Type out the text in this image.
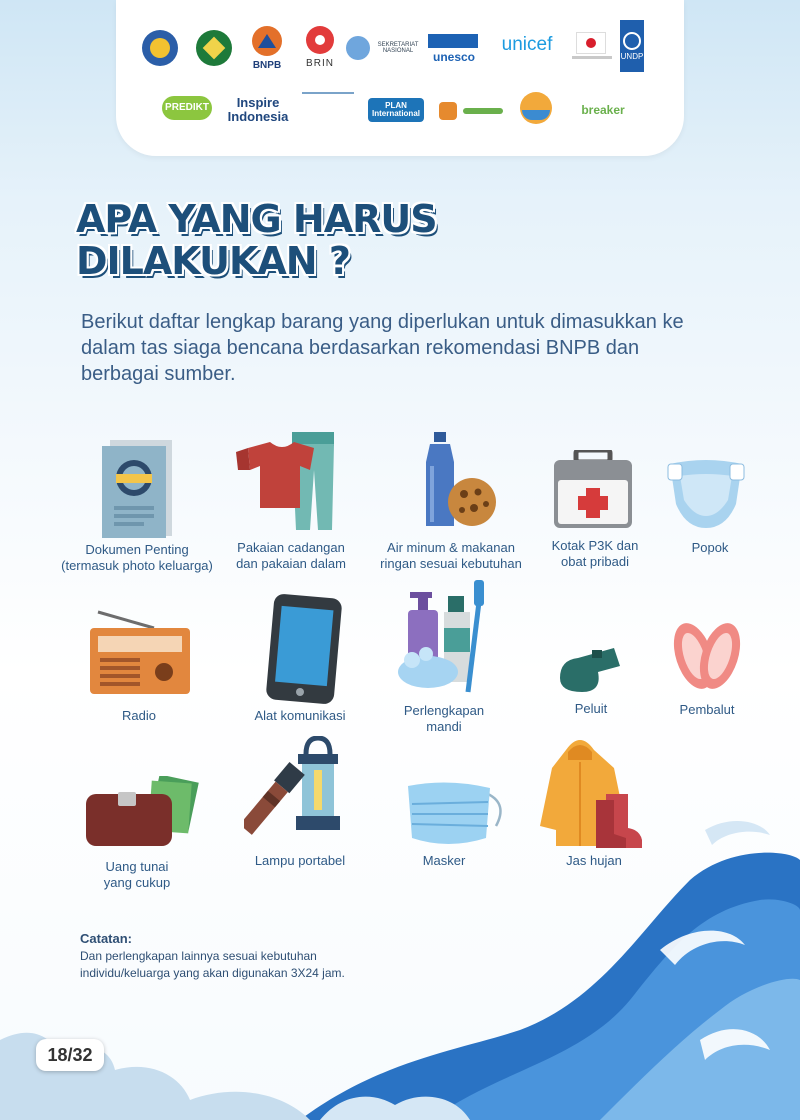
BNPB	BRIN
SEKRETARIAT NASIONAL	unesco
unicef
UNDP
PREDIKT	Inspire Indonesia
PLAN International	breaker
APA YANG HARUS
DILAKUKAN ?

Berikut daftar lengkap barang yang diperlukan untuk dimasukkan ke dalam tas siaga bencana berdasarkan rekomendasi BNPB dan berbagai sumber.

Dokumen Penting
(termasuk photo keluarga)
Pakaian cadangan
dan pakaian dalam
Air minum & makanan
ringan sesuai kebutuhan
Kotak P3K dan
obat pribadi
Popok
Radio	Alat komunikasi	Perlengkapan
mandi
Peluit	Pembalut
Uang tunai
yang cukup
Lampu portabel	Masker	Jas hujan

Catatan:

Dan perlengkapan lainnya sesuai kebutuhan individu/keluarga yang akan digunakan 3X24 jam.

18/32
